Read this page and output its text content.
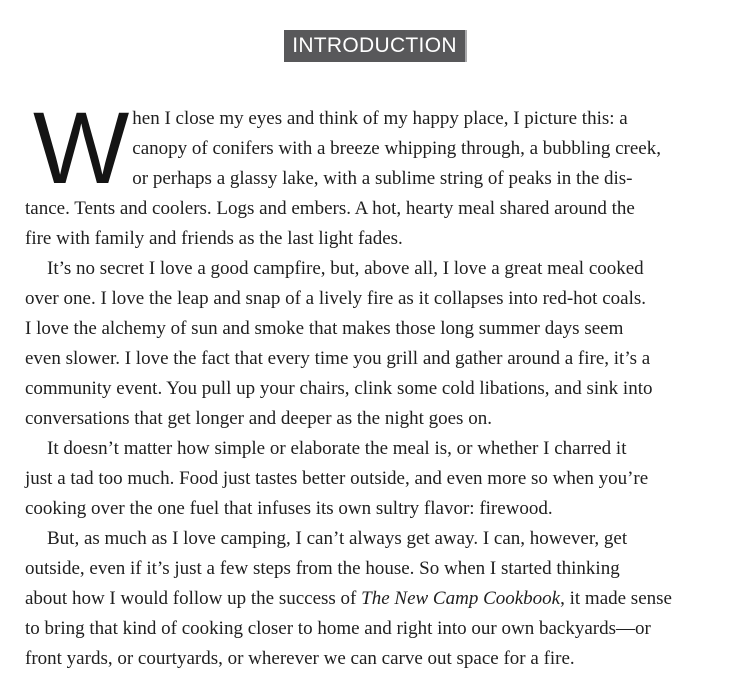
INTRODUCTION
W hen I close my eyes and think of my happy place, I picture this: a
canopy of conifers with a breeze whipping through, a bubbling creek,
or perhaps a glassy lake, with a sublime string of peaks in the dis-
tance. Tents and coolers. Logs and embers. A hot, hearty meal shared around the
fire with family and friends as the last light fades.
It’s no secret I love a good campfire, but, above all, I love a great meal cooked
over one. I love the leap and snap of a lively fire as it collapses into red-hot coals.
I love the alchemy of sun and smoke that makes those long summer days seem
even slower. I love the fact that every time you grill and gather around a fire, it’s a
community event. You pull up your chairs, clink some cold libations, and sink into
conversations that get longer and deeper as the night goes on.
It doesn’t matter how simple or elaborate the meal is, or whether I charred it
just a tad too much. Food just tastes better outside, and even more so when you’re
cooking over the one fuel that infuses its own sultry flavor: firewood.
But, as much as I love camping, I can’t always get away. I can, however, get
outside, even if it’s just a few steps from the house. So when I started thinking
about how I would follow up the success of The New Camp Cookbook, it made sense
to bring that kind of cooking closer to home and right into our own backyards—or
front yards, or courtyards, or wherever we can carve out space for a fire.
